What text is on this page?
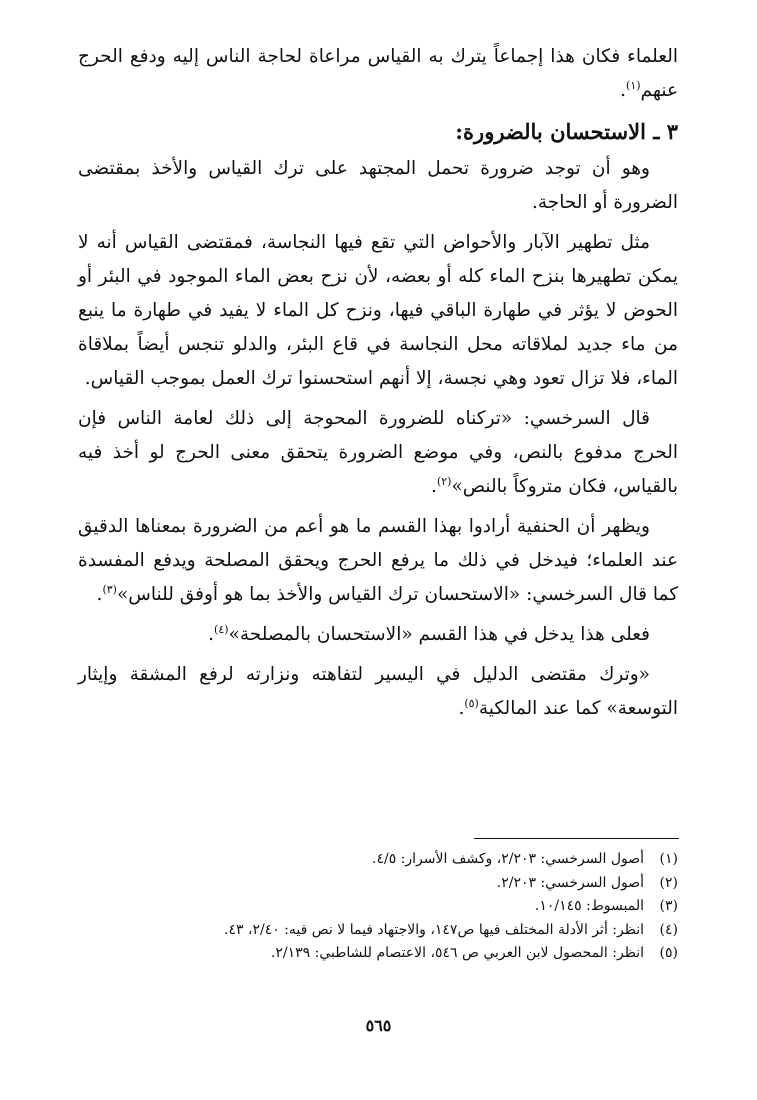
العلماء فكان هذا إجماعاً يترك به القياس مراعاة لحاجة الناس إليه ودفع الحرج عنهم$^{(١)}$.

٣ ـ الاستحسان بالضرورة:

وهو أن توجد ضرورة تحمل المجتهد على ترك القياس والأخذ بمقتضى الضرورة أو الحاجة.

مثل تطهير الآبار والأحواض التي تقع فيها النجاسة، فمقتضى القياس أنه لا يمكن تطهيرها بنزح الماء كله أو بعضه، لأن نزح بعض الماء الموجود في البئر أو الحوض لا يؤثر في طهارة الباقي فيها، ونزح كل الماء لا يفيد في طهارة ما ينبع من ماء جديد لملاقاته محل النجاسة في قاع البئر، والدلو تنجس أيضاً بملاقاة الماء، فلا تزال تعود وهي نجسة، إلا أنهم استحسنوا ترك العمل بموجب القياس.

قال السرخسي: «تركناه للضرورة المحوجة إلى ذلك لعامة الناس فإن الحرج مدفوع بالنص، وفي موضع الضرورة يتحقق معنى الحرج لو أخذ فيه بالقياس، فكان متروكاً بالنص»$^{(٢)}$.

ويظهر أن الحنفية أرادوا بهذا القسم ما هو أعم من الضرورة بمعناها الدقيق عند العلماء؛ فيدخل في ذلك ما يرفع الحرج ويحقق المصلحة ويدفع المفسدة كما قال السرخسي: «الاستحسان ترك القياس والأخذ بما هو أوفق للناس»$^{(٣)}$.

فعلى هذا يدخل في هذا القسم «الاستحسان بالمصلحة»$^{(٤)}$.

«وترك مقتضى الدليل في اليسير لتفاهته ونزارته لرفع المشقة وإيثار التوسعة» كما عند المالكية$^{(٥)}$.

(١)أصول السرخسي: ٢/٢٠٣، وكشف الأسرار: ٤/٥.
(٢)أصول السرخسي: ٢/٢٠٣.
(٣)المبسوط: ١٠/١٤٥.
(٤)انظر: أثر الأدلة المختلف فيها ص١٤٧، والاجتهاد فيما لا نص فيه: ٢/٤٠، ٤٣.
(٥)انظر: المحصول لابن العربي ص ٥٤٦، الاعتصام للشاطبي: ٢/١٣٩.
٥٦٥
